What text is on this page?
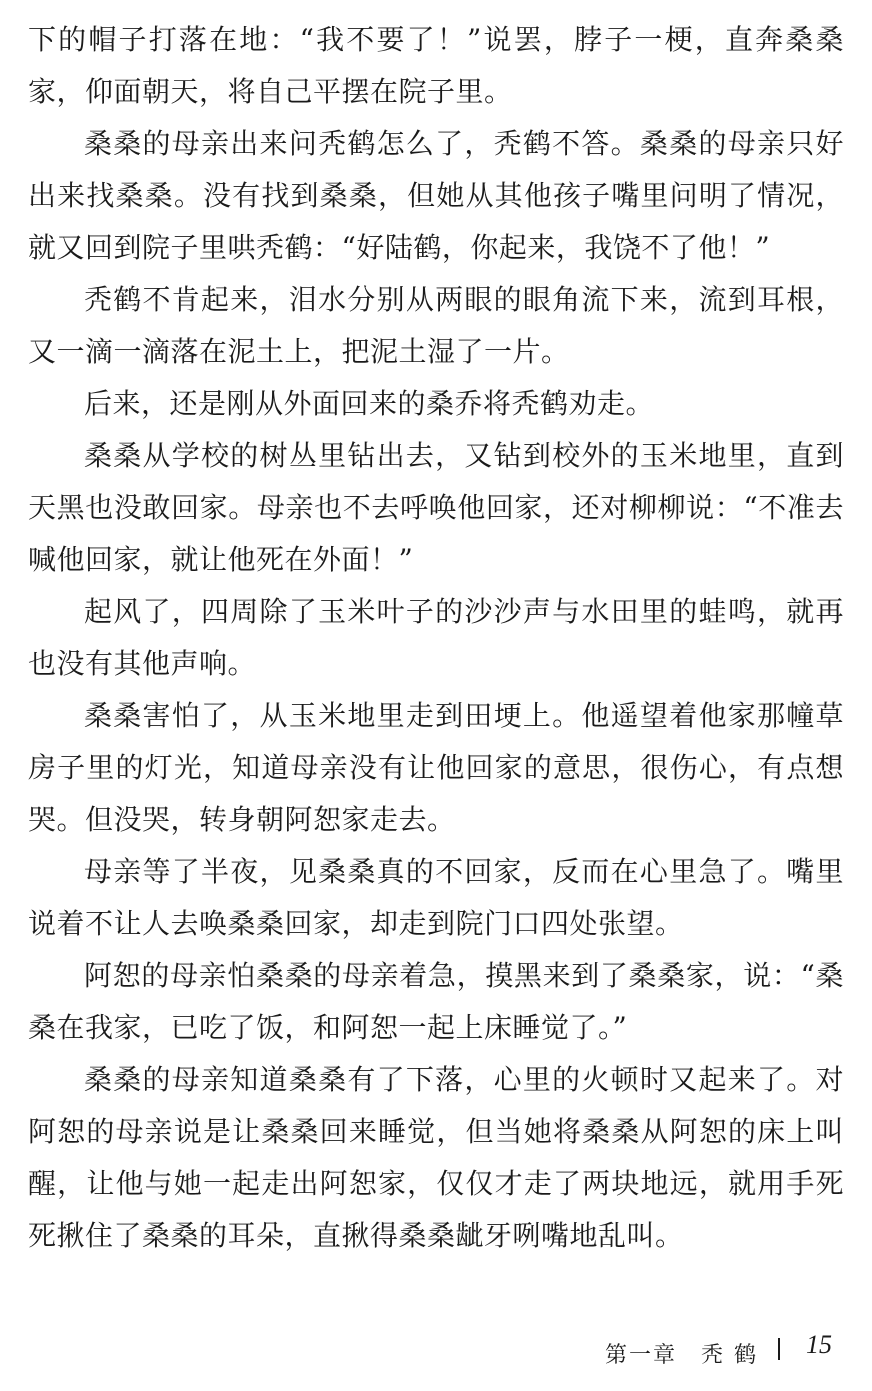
下的帽子打落在地：“我不要了！”说罢，脖子一梗，直奔桑桑家，仰面朝天，将自己平摆在院子里。

桑桑的母亲出来问秃鹤怎么了，秃鹤不答。桑桑的母亲只好出来找桑桑。没有找到桑桑，但她从其他孩子嘴里问明了情况，就又回到院子里哄秃鹤：“好陆鹤，你起来，我饶不了他！”

秃鹤不肯起来，泪水分别从两眼的眼角流下来，流到耳根，又一滴一滴落在泥土上，把泥土湿了一片。

后来，还是刚从外面回来的桑乔将秃鹤劝走。

桑桑从学校的树丛里钻出去，又钻到校外的玉米地里，直到天黑也没敢回家。母亲也不去呼唤他回家，还对柳柳说：“不准去喊他回家，就让他死在外面！”

起风了，四周除了玉米叶子的沙沙声与水田里的蛙鸣，就再也没有其他声响。

桑桑害怕了，从玉米地里走到田埂上。他遥望着他家那幢草房子里的灯光，知道母亲没有让他回家的意思，很伤心，有点想哭。但没哭，转身朝阿恕家走去。

母亲等了半夜，见桑桑真的不回家，反而在心里急了。嘴里说着不让人去唤桑桑回家，却走到院门口四处张望。

阿恕的母亲怕桑桑的母亲着急，摸黑来到了桑桑家，说：“桑桑在我家，已吃了饭，和阿恕一起上床睡觉了。”

桑桑的母亲知道桑桑有了下落，心里的火顿时又起来了。对阿恕的母亲说是让桑桑回来睡觉，但当她将桑桑从阿恕的床上叫醒，让他与她一起走出阿恕家，仅仅才走了两块地远，就用手死死揪住了桑桑的耳朵，直揪得桑桑龇牙咧嘴地乱叫。

第一章　秃 鹤 15
